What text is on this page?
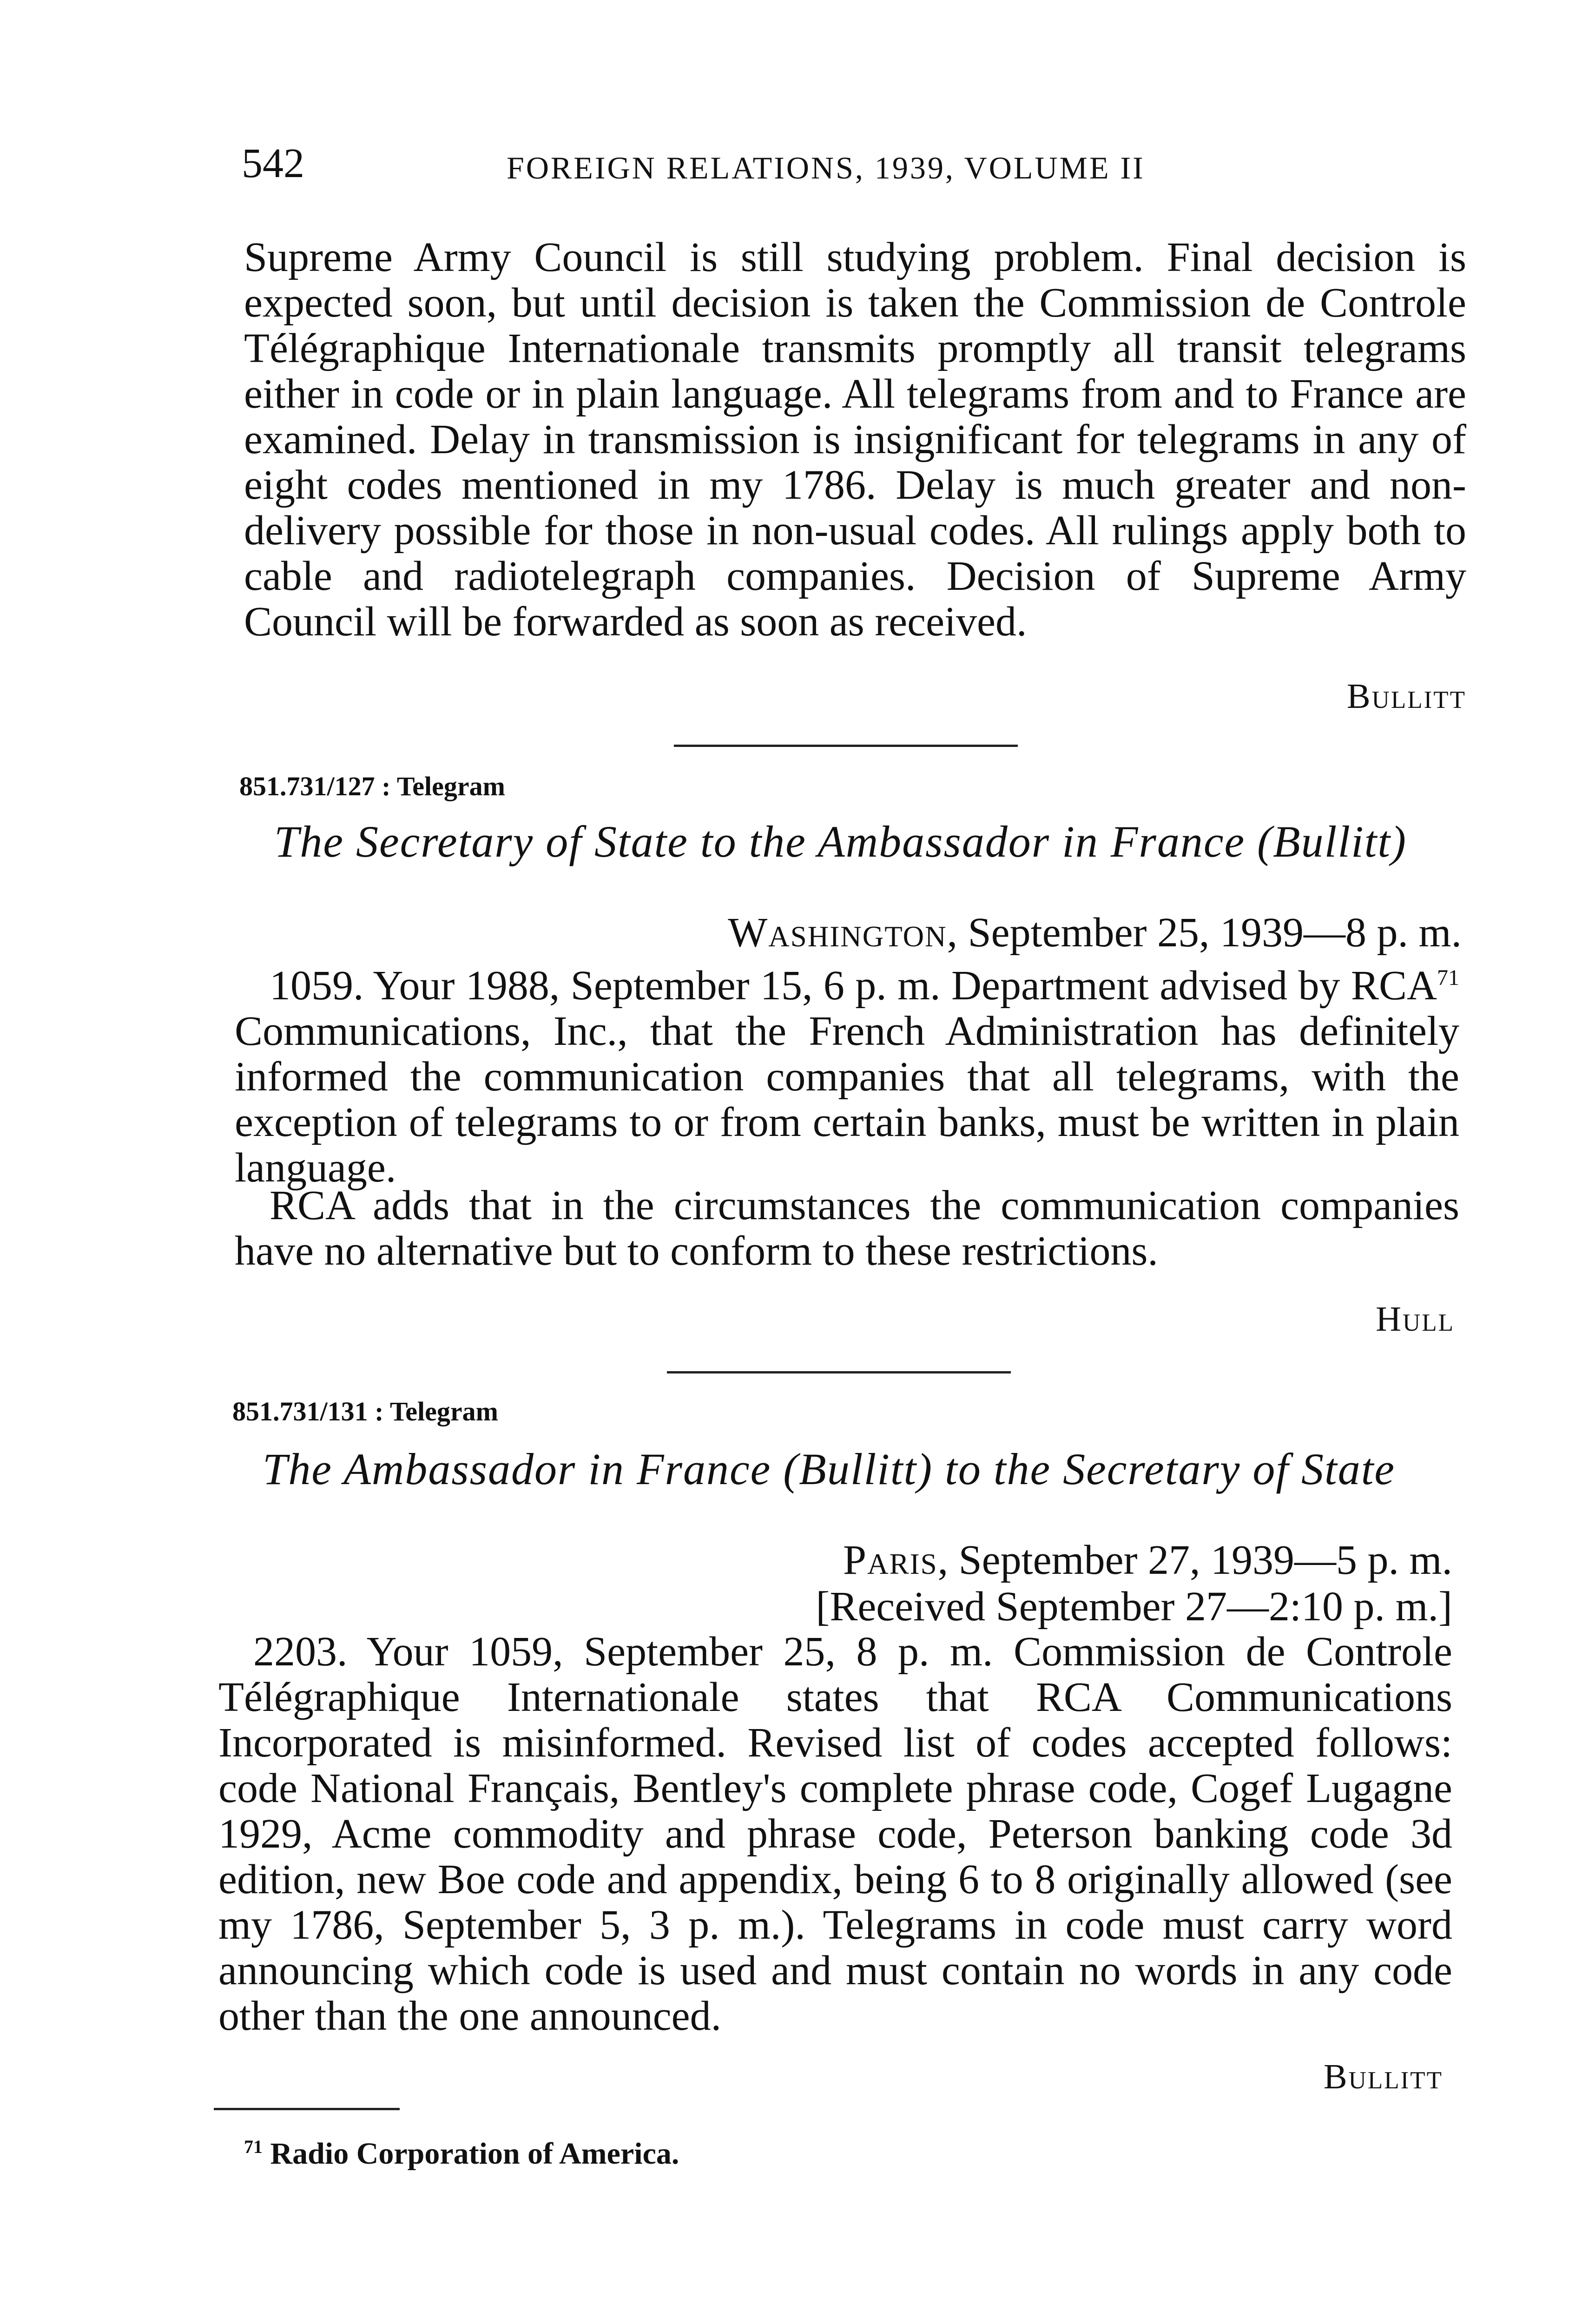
542	FOREIGN RELATIONS, 1939, VOLUME II
Supreme Army Council is still studying problem. Final decision is expected soon, but until decision is taken the Commission de Controle Télégraphique Internationale transmits promptly all transit telegrams either in code or in plain language. All telegrams from and to France are examined. Delay in transmission is insignificant for telegrams in any of eight codes mentioned in my 1786. Delay is much greater and non-delivery possible for those in non-usual codes. All rulings apply both to cable and radiotelegraph companies. Decision of Supreme Army Council will be forwarded as soon as received.
Bullitt
851.731/127 : Telegram
The Secretary of State to the Ambassador in France (Bullitt)
Washington, September 25, 1939—8 p. m.
1059. Your 1988, September 15, 6 p. m. Department advised by RCA$^{71}$ Communications, Inc., that the French Administration has definitely informed the communication companies that all telegrams, with the exception of telegrams to or from certain banks, must be written in plain language.
RCA adds that in the circumstances the communication companies have no alternative but to conform to these restrictions.
Hull
851.731/131 : Telegram
The Ambassador in France (Bullitt) to the Secretary of State
Paris, September 27, 1939—5 p. m.
[Received September 27—2:10 p. m.]
2203. Your 1059, September 25, 8 p. m. Commission de Controle Télégraphique Internationale states that RCA Communications Incorporated is misinformed. Revised list of codes accepted follows: code National Français, Bentley's complete phrase code, Cogef Lugagne 1929, Acme commodity and phrase code, Peterson banking code 3d edition, new Boe code and appendix, being 6 to 8 originally allowed (see my 1786, September 5, 3 p. m.). Telegrams in code must carry word announcing which code is used and must contain no words in any code other than the one announced.
Bullitt
$^{71}$ Radio Corporation of America.
